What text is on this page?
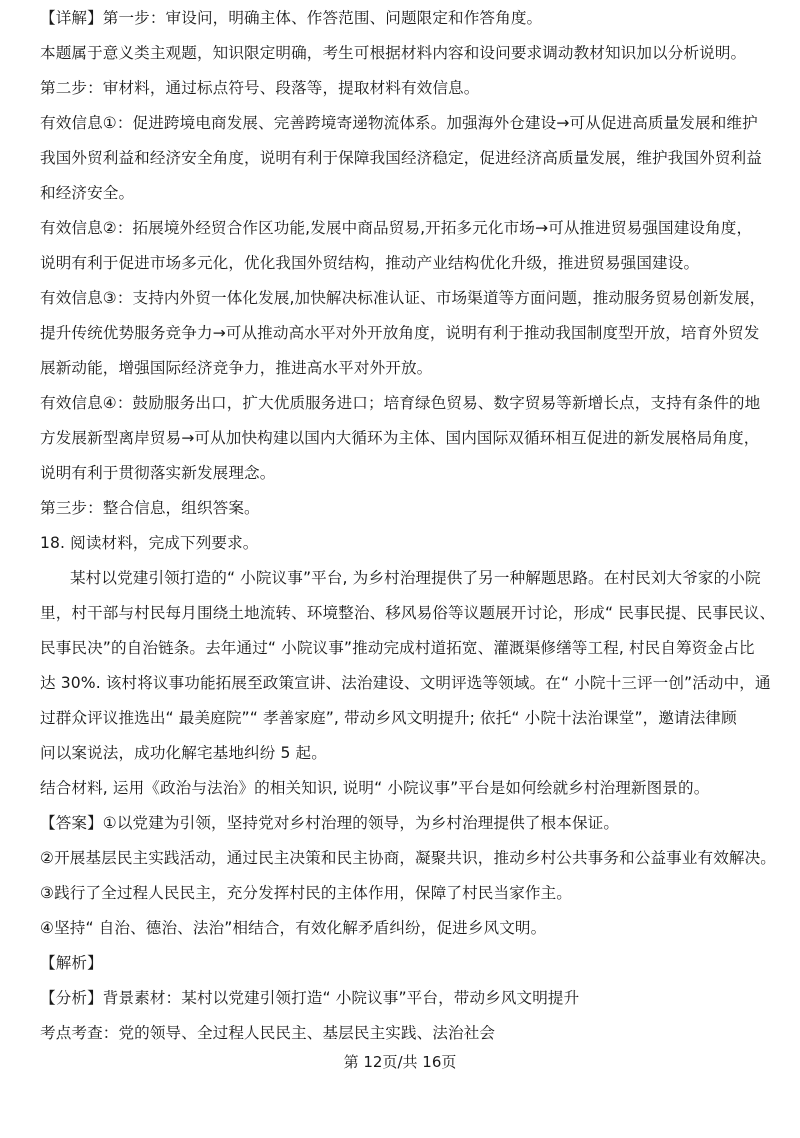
【详解】第一步：审设问，明确主体、作答范围、问题限定和作答角度。
本题属于意义类主观题，知识限定明确，考生可根据材料内容和设问要求调动教材知识加以分析说明。
第二步：审材料，通过标点符号、段落等，提取材料有效信息。
有效信息①：促进跨境电商发展、完善跨境寄递物流体系。加强海外仓建设→可从促进高质量发展和维护
我国外贸利益和经济安全角度，说明有利于保障我国经济稳定，促进经济高质量发展，维护我国外贸利益
和经济安全。
有效信息②：拓展境外经贸合作区功能,发展中商品贸易,开拓多元化市场→可从推进贸易强国建设角度，
说明有利于促进市场多元化，优化我国外贸结构，推动产业结构优化升级，推进贸易强国建设。
有效信息③：支持内外贸一体化发展,加快解决标准认证、市场渠道等方面问题，推动服务贸易创新发展，
提升传统优势服务竞争力→可从推动高水平对外开放角度，说明有利于推动我国制度型开放，培育外贸发
展新动能，增强国际经济竞争力，推进高水平对外开放。
有效信息④：鼓励服务出口，扩大优质服务进口；培育绿色贸易、数字贸易等新增长点，支持有条件的地
方发展新型离岸贸易→可从加快构建以国内大循环为主体、国内国际双循环相互促进的新发展格局角度，
说明有利于贯彻落实新发展理念。
第三步：整合信息，组织答案。
18. 阅读材料，完成下列要求。
某村以党建引领打造的“ 小院议事”平台, 为乡村治理提供了另一种解题思路。在村民刘大爷家的小院
里，村干部与村民每月围绕土地流转、环境整治、移风易俗等议题展开讨论，形成“ 民事民提、民事民议、
民事民决”的自治链条。去年通过“ 小院议事”推动完成村道拓宽、灌溉渠修缮等工程, 村民自筹资金占比
达 30%. 该村将议事功能拓展至政策宣讲、法治建设、文明评选等领域。在“ 小院十三评一创”活动中，通
过群众评议推选出“ 最美庭院”“ 孝善家庭”, 带动乡风文明提升; 依托“ 小院十法治课堂”，邀请法律顾
问以案说法，成功化解宅基地纠纷 5 起。
结合材料, 运用《政治与法治》的相关知识, 说明“ 小院议事”平台是如何绘就乡村治理新图景的。
【答案】①以党建为引领，坚持党对乡村治理的领导，为乡村治理提供了根本保证。
②开展基层民主实践活动，通过民主决策和民主协商，凝聚共识，推动乡村公共事务和公益事业有效解决。
③践行了全过程人民民主，充分发挥村民的主体作用，保障了村民当家作主。
④坚持“ 自治、德治、法治”相结合，有效化解矛盾纠纷，促进乡风文明。
【解析】
【分析】背景素材：某村以党建引领打造“ 小院议事”平台，带动乡风文明提升
考点考查：党的领导、全过程人民民主、基层民主实践、法治社会
第 12页/共 16页
